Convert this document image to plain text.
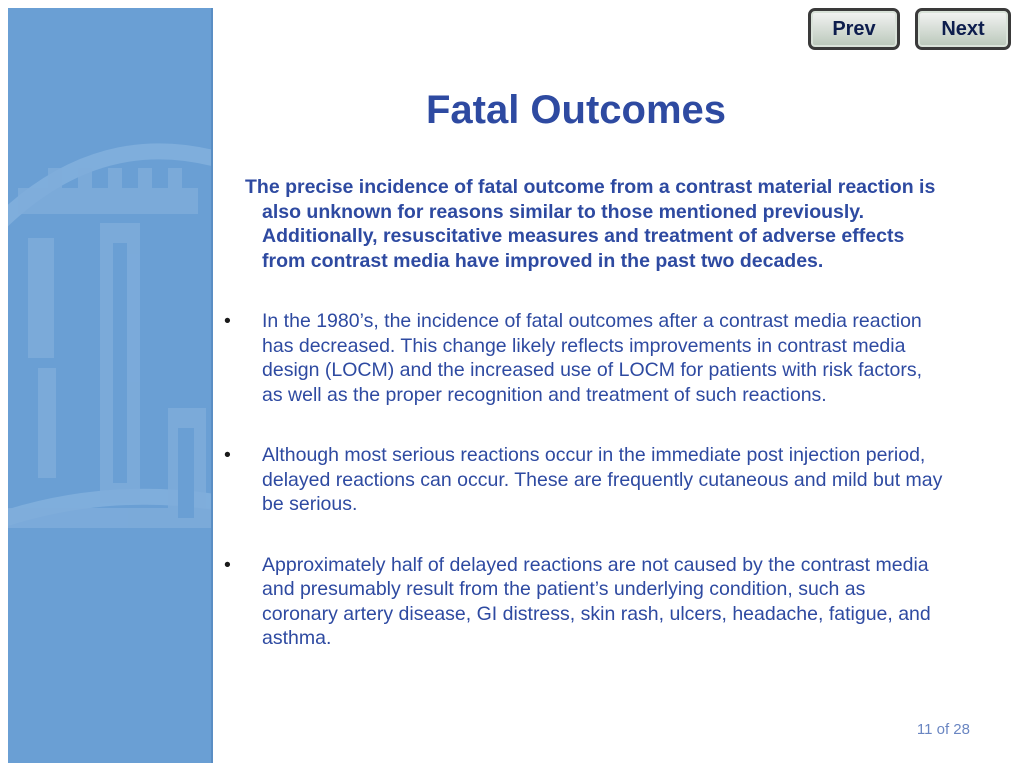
Prev	Next
Fatal Outcomes

The precise incidence of fatal outcome from a contrast material reaction is also unknown for reasons similar to those mentioned previously. Additionally, resuscitative measures and treatment of adverse effects from contrast media have improved in the past two decades.

• In the 1980’s, the incidence of fatal outcomes after a contrast media reaction has decreased. This change likely reflects improvements in contrast media design (LOCM) and the increased use of LOCM for patients with risk factors, as well as the proper recognition and treatment of such reactions.
• Although most serious reactions occur in the immediate post injection period, delayed reactions can occur. These are frequently cutaneous and mild but may be serious.
• Approximately half of delayed reactions are not caused by the contrast media and presumably result from the patient’s underlying condition, such as coronary artery disease, GI distress, skin rash, ulcers, headache, fatigue, and asthma.
11 of 28
